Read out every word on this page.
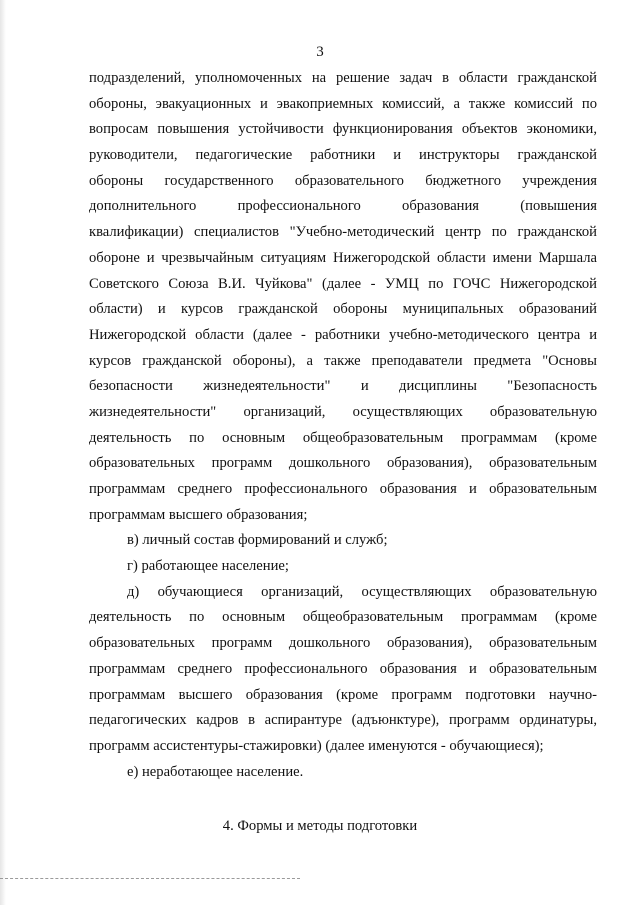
3
подразделений, уполномоченных на решение задач в области гражданской
обороны, эвакуационных и эвакоприемных комиссий, а также комиссий по
вопросам повышения устойчивости функционирования объектов экономики,
руководители, педагогические работники и инструкторы гражданской
обороны государственного образовательного бюджетного учреждения
дополнительного профессионального образования (повышения
квалификации) специалистов "Учебно-методический центр по гражданской
обороне и чрезвычайным ситуациям Нижегородской области имени Маршала
Советского Союза В.И. Чуйкова" (далее - УМЦ по ГОЧС Нижегородской
области) и курсов гражданской обороны муниципальных образований
Нижегородской области (далее - работники учебно-методического центра и
курсов гражданской обороны), а также преподаватели предмета "Основы
безопасности жизнедеятельности" и дисциплины "Безопасность
жизнедеятельности" организаций, осуществляющих образовательную
деятельность по основным общеобразовательным программам (кроме
образовательных программ дошкольного образования), образовательным
программам среднего профессионального образования и образовательным
программам высшего образования;
в) личный состав формирований и служб;
г) работающее население;
д) обучающиеся организаций, осуществляющих образовательную
деятельность по основным общеобразовательным программам (кроме
образовательных программ дошкольного образования), образовательным
программам среднего профессионального образования и образовательным
программам высшего образования (кроме программ подготовки научно-
педагогических кадров в аспирантуре (адъюнктуре), программ ординатуры,
программ ассистентуры-стажировки) (далее именуются - обучающиеся);
е) неработающее население.
4. Формы и методы подготовки
